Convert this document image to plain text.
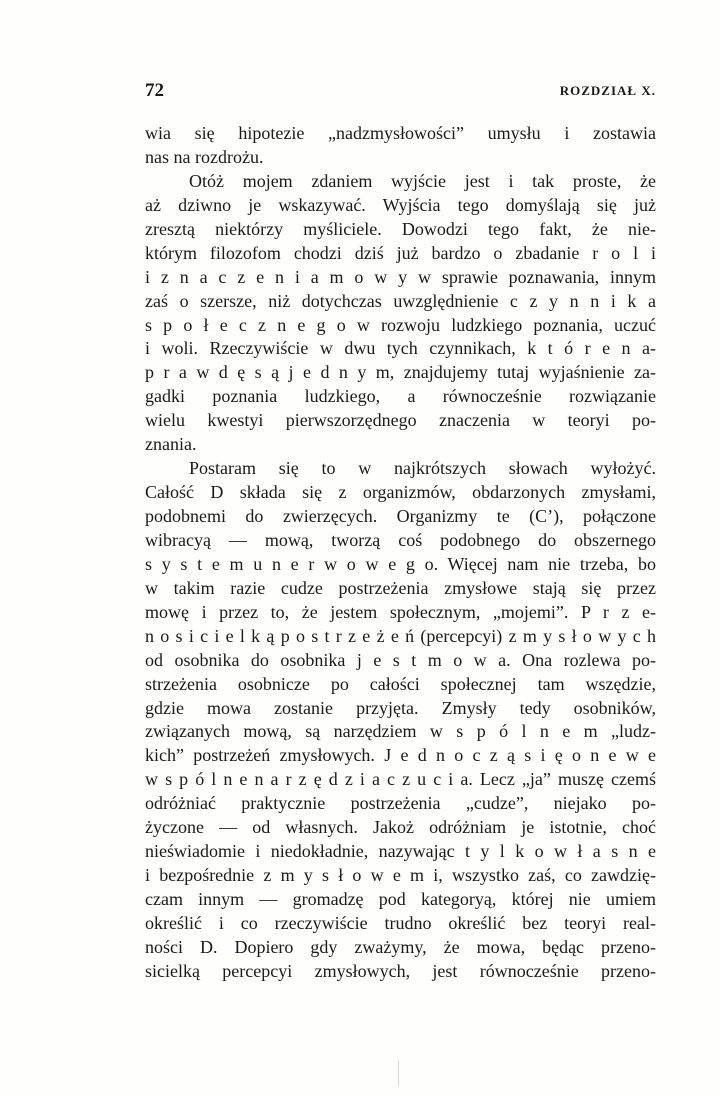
72	ROZDZIAŁ X.
wia się hipotezie „nadzmysłowości” umysłu i zostawia
nas na rozdrożu.
Otóż mojem zdaniem wyjście jest i tak proste, że
aż dziwno je wskazywać. Wyjścia tego domyślają się już
zresztą niektórzy myśliciele. Dowodzi tego fakt, że nie-
którym filozofom chodzi dziś już bardzo o zbadanie r o l i
i z n a c z e n i a m o w y w sprawie poznawania, innym
zaś o szersze, niż dotychczas uwzględnienie c z y n n i k a
s p o ł e c z n e g o w rozwoju ludzkiego poznania, uczuć
i woli. Rzeczywiście w dwu tych czynnikach, k t ó r e n a-
p r a w d ę s ą j e d n y m, znajdujemy tutaj wyjaśnienie za-
gadki poznania ludzkiego, a równocześnie rozwiązanie
wielu kwestyi pierwszorzędnego znaczenia w teoryi po-
znania.
Postaram się to w najkrótszych słowach wyłożyć.
Całość D składa się z organizmów, obdarzonych zmysłami,
podobnemi do zwierzęcych. Organizmy te (C’), połączone
wibracyą — mową, tworzą coś podobnego do obszernego
s y s t e m u n e r w o w e g o. Więcej nam nie trzeba, bo
w takim razie cudze postrzeżenia zmysłowe stają się przez
mowę i przez to, że jestem społecznym, „mojemi”. P r z e-
n o s i c i e l k ą p o s t r z e ż e ń (percepcyi) z m y s ł o w y c h
od osobnika do osobnika j e s t m o w a. Ona rozlewa po-
strzeżenia osobnicze po całości społecznej tam wszędzie,
gdzie mowa zostanie przyjęta. Zmysły tedy osobników,
związanych mową, są narzędziem w s p ó l n e m „ludz-
kich” postrzeżeń zmysłowych. J e d n o c z ą s i ę o n e w e
w s p ó l n e n a r z ę d z i a c z u c i a. Lecz „ja” muszę czemś
odróżniać praktycznie postrzeżenia „cudze”, niejako po-
życzone — od własnych. Jakoż odróżniam je istotnie, choć
nieświadomie i niedokładnie, nazywając t y l k o w ł a s n e
i bezpośrednie z m y s ł o w e m i, wszystko zaś, co zawdzię-
czam innym — gromadzę pod kategoryą, której nie umiem
określić i co rzeczywiście trudno określić bez teoryi real-
ności D. Dopiero gdy zważymy, że mowa, będąc przeno-
sicielką percepcyi zmysłowych, jest równocześnie przeno-
